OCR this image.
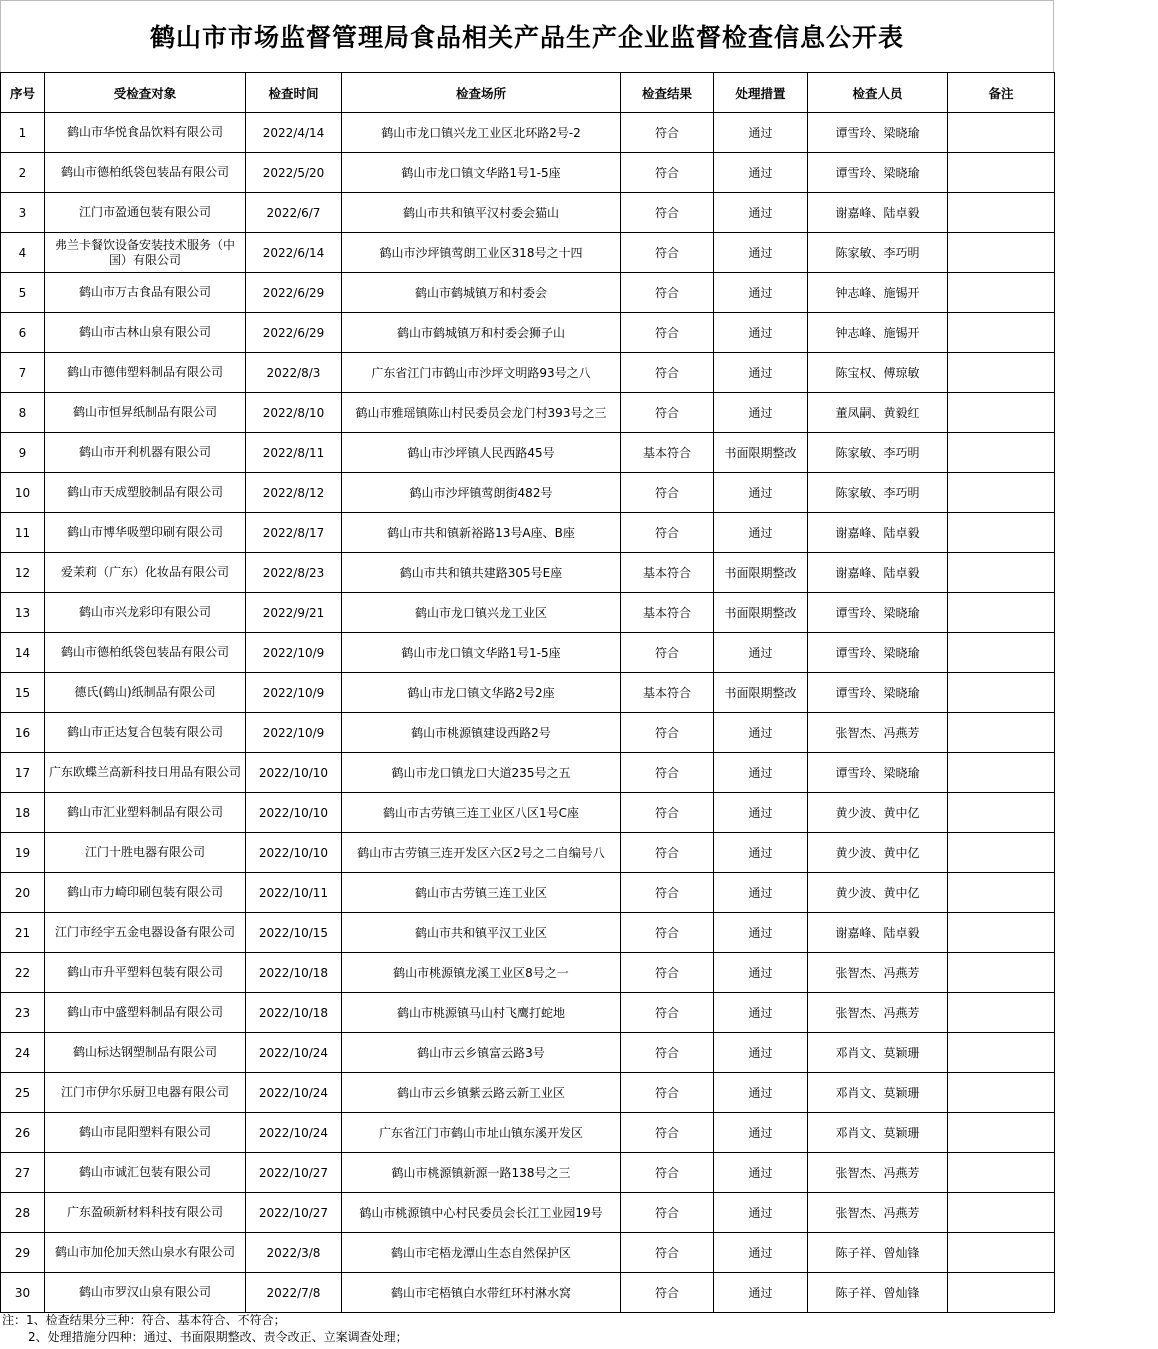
鹤山市市场监督管理局食品相关产品生产企业监督检查信息公开表
序号	受检查对象	检查时间	检查场所	检查结果	处理措置	检查人员	备注
1	鹤山市华悦食品饮料有限公司	2022/4/14	鹤山市龙口镇兴龙工业区北环路2号-2	符合	通过	谭雪玲、梁晓瑜	
2	鹤山市德柏纸袋包装品有限公司	2022/5/20	鹤山市龙口镇文华路1号1-5座	符合	通过	谭雪玲、梁晓瑜	
3	江门市盈通包装有限公司	2022/6/7	鹤山市共和镇平汉村委会猫山	符合	通过	谢嘉峰、陆卓毅	
4	弗兰卡餐饮设备安装技术服务（中国）有限公司	2022/6/14	鹤山市沙坪镇莺朗工业区318号之十四	符合	通过	陈家敏、李巧明	
5	鹤山市万古食品有限公司	2022/6/29	鹤山市鹤城镇万和村委会	符合	通过	钟志峰、施锡开	
6	鹤山市古林山泉有限公司	2022/6/29	鹤山市鹤城镇万和村委会狮子山	符合	通过	钟志峰、施锡开	
7	鹤山市德伟塑料制品有限公司	2022/8/3	广东省江门市鹤山市沙坪文明路93号之八	符合	通过	陈宝权、傅琼敏	
8	鹤山市恒昇纸制品有限公司	2022/8/10	鹤山市雅瑶镇陈山村民委员会龙门村393号之三	符合	通过	董凤嗣、黄毅红	
9	鹤山市开利机器有限公司	2022/8/11	鹤山市沙坪镇人民西路45号	基本符合	书面限期整改	陈家敏、李巧明	
10	鹤山市天成塑胶制品有限公司	2022/8/12	鹤山市沙坪镇莺朗街482号	符合	通过	陈家敏、李巧明	
11	鹤山市博华吸塑印刷有限公司	2022/8/17	鹤山市共和镇新裕路13号A座、B座	符合	通过	谢嘉峰、陆卓毅	
12	爱茉莉（广东）化妆品有限公司	2022/8/23	鹤山市共和镇共建路305号E座	基本符合	书面限期整改	谢嘉峰、陆卓毅	
13	鹤山市兴龙彩印有限公司	2022/9/21	鹤山市龙口镇兴龙工业区	基本符合	书面限期整改	谭雪玲、梁晓瑜	
14	鹤山市德柏纸袋包装品有限公司	2022/10/9	鹤山市龙口镇文华路1号1-5座	符合	通过	谭雪玲、梁晓瑜	
15	德氏(鹤山)纸制品有限公司	2022/10/9	鹤山市龙口镇文华路2号2座	基本符合	书面限期整改	谭雪玲、梁晓瑜	
16	鹤山市正达复合包装有限公司	2022/10/9	鹤山市桃源镇建设西路2号	符合	通过	张智杰、冯燕芳	
17	广东欧蝶兰高新科技日用品有限公司	2022/10/10	鹤山市龙口镇龙口大道235号之五	符合	通过	谭雪玲、梁晓瑜	
18	鹤山市汇业塑料制品有限公司	2022/10/10	鹤山市古劳镇三连工业区八区1号C座	符合	通过	黄少波、黄中亿	
19	江门十胜电器有限公司	2022/10/10	鹤山市古劳镇三连开发区六区2号之二自编号八	符合	通过	黄少波、黄中亿	
20	鹤山市力崎印刷包装有限公司	2022/10/11	鹤山市古劳镇三连工业区	符合	通过	黄少波、黄中亿	
21	江门市经宇五金电器设备有限公司	2022/10/15	鹤山市共和镇平汉工业区	符合	通过	谢嘉峰、陆卓毅	
22	鹤山市升平塑料包装有限公司	2022/10/18	鹤山市桃源镇龙溪工业区8号之一	符合	通过	张智杰、冯燕芳	
23	鹤山市中盛塑料制品有限公司	2022/10/18	鹤山市桃源镇马山村飞鹰打蛇地	符合	通过	张智杰、冯燕芳	
24	鹤山标达钢塑制品有限公司	2022/10/24	鹤山市云乡镇富云路3号	符合	通过	邓肖文、莫颖珊	
25	江门市伊尔乐厨卫电器有限公司	2022/10/24	鹤山市云乡镇紫云路云新工业区	符合	通过	邓肖文、莫颖珊	
26	鹤山市昆阳塑料有限公司	2022/10/24	广东省江门市鹤山市址山镇东溪开发区	符合	通过	邓肖文、莫颖珊	
27	鹤山市诚汇包装有限公司	2022/10/27	鹤山市桃源镇新源一路138号之三	符合	通过	张智杰、冯燕芳	
28	广东盈硕新材料科技有限公司	2022/10/27	鹤山市桃源镇中心村民委员会长江工业园19号	符合	通过	张智杰、冯燕芳	
29	鹤山市加伦加天然山泉水有限公司	2022/3/8	鹤山市宅梧龙潭山生态自然保护区	符合	通过	陈子祥、曾灿锋	
30	鹤山市罗汉山泉有限公司	2022/7/8	鹤山市宅梧镇白水带红环村淋水窝	符合	通过	陈子祥、曾灿锋	
注：1、检查结果分三种：符合、基本符合、不符合；
2、处理措施分四种：通过、书面限期整改、责令改正、立案调查处理；
